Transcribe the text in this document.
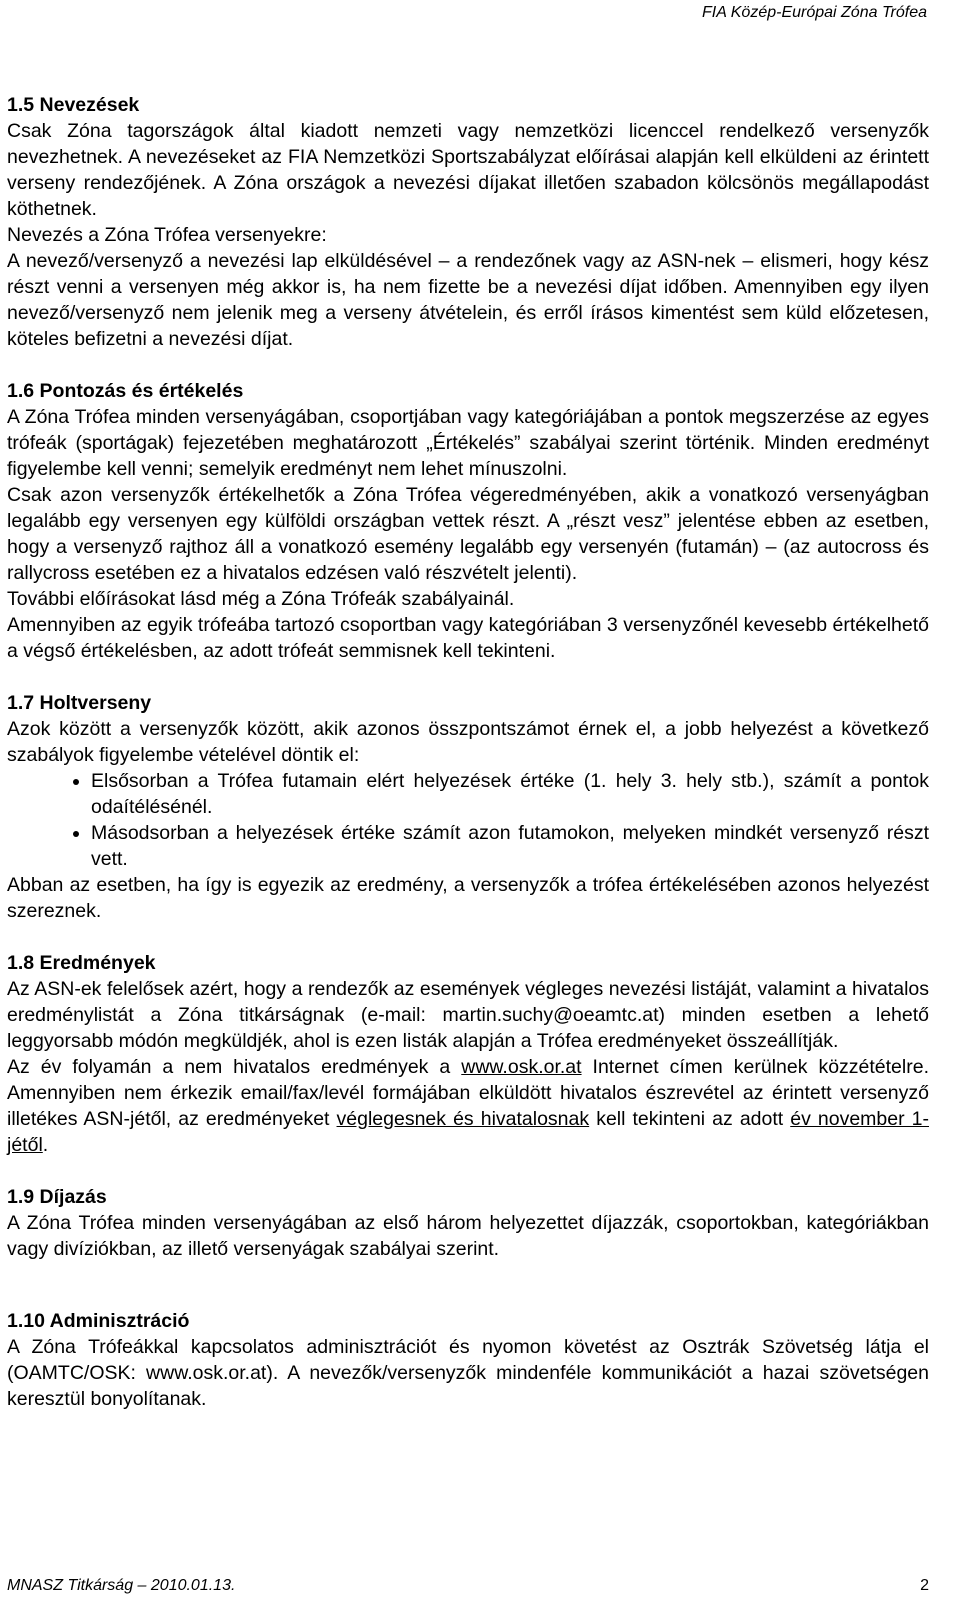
FIA Közép-Európai Zóna Trófea
1.5 Nevezések

Csak Zóna tagországok által kiadott nemzeti vagy nemzetközi licenccel rendelkező versenyzők nevezhetnek. A nevezéseket az FIA Nemzetközi Sportszabályzat előírásai alapján kell elküldeni az érintett verseny rendezőjének. A Zóna országok a nevezési díjakat illetően szabadon kölcsönös megállapodást köthetnek.

Nevezés a Zóna Trófea versenyekre:

A nevező/versenyző a nevezési lap elküldésével – a rendezőnek vagy az ASN-nek – elismeri, hogy kész részt venni a versenyen még akkor is, ha nem fizette be a nevezési díjat időben. Amennyiben egy ilyen nevező/versenyző nem jelenik meg a verseny átvételein, és erről írásos kimentést sem küld előzetesen, köteles befizetni a nevezési díjat.

1.6 Pontozás és értékelés

A Zóna Trófea minden versenyágában, csoportjában vagy kategóriájában a pontok megszerzése az egyes trófeák (sportágak) fejezetében meghatározott „Értékelés” szabályai szerint történik. Minden eredményt figyelembe kell venni; semelyik eredményt nem lehet mínuszolni.

Csak azon versenyzők értékelhetők a Zóna Trófea végeredményében, akik a vonatkozó versenyágban legalább egy versenyen egy külföldi országban vettek részt. A „részt vesz” jelentése ebben az esetben, hogy a versenyző rajthoz áll a vonatkozó esemény legalább egy versenyén (futamán) – (az autocross és rallycross esetében ez a hivatalos edzésen való részvételt jelenti).

További előírásokat lásd még a Zóna Trófeák szabályainál.

Amennyiben az egyik trófeába tartozó csoportban vagy kategóriában 3 versenyzőnél kevesebb értékelhető a végső értékelésben, az adott trófeát semmisnek kell tekinteni.

1.7 Holtverseny

Azok között a versenyzők között, akik azonos összpontszámot érnek el, a jobb helyezést a következő szabályok figyelembe vételével döntik el:

• Elsősorban a Trófea futamain elért helyezések értéke (1. hely 3. hely stb.), számít a pontok odaítélésénél.
• Másodsorban a helyezések értéke számít azon futamokon, melyeken mindkét versenyző részt vett.

Abban az esetben, ha így is egyezik az eredmény, a versenyzők a trófea értékelésében azonos helyezést szereznek.

1.8 Eredmények

Az ASN-ek felelősek azért, hogy a rendezők az események végleges nevezési listáját, valamint a hivatalos eredménylistát a Zóna titkárságnak (e-mail: martin.suchy@oeamtc.at) minden esetben a lehető leggyorsabb módón megküldjék, ahol is ezen listák alapján a Trófea eredményeket összeállítják.

Az év folyamán a nem hivatalos eredmények a www.osk.or.at Internet címen kerülnek közzétételre. Amennyiben nem érkezik email/fax/levél formájában elküldött hivatalos észrevétel az érintett versenyző illetékes ASN-jétől, az eredményeket véglegesnek és hivatalosnak kell tekinteni az adott év november 1-jétől.

1.9 Díjazás

A Zóna Trófea minden versenyágában az első három helyezettet díjazzák, csoportokban, kategóriákban vagy divíziókban, az illető versenyágak szabályai szerint.

1.10 Adminisztráció

A Zóna Trófeákkal kapcsolatos adminisztrációt és nyomon követést az Osztrák Szövetség látja el (OAMTC/OSK: www.osk.or.at). A nevezők/versenyzők mindenféle kommunikációt a hazai szövetségen keresztül bonyolítanak.

MNASZ Titkárság – 2010.01.13.	2
